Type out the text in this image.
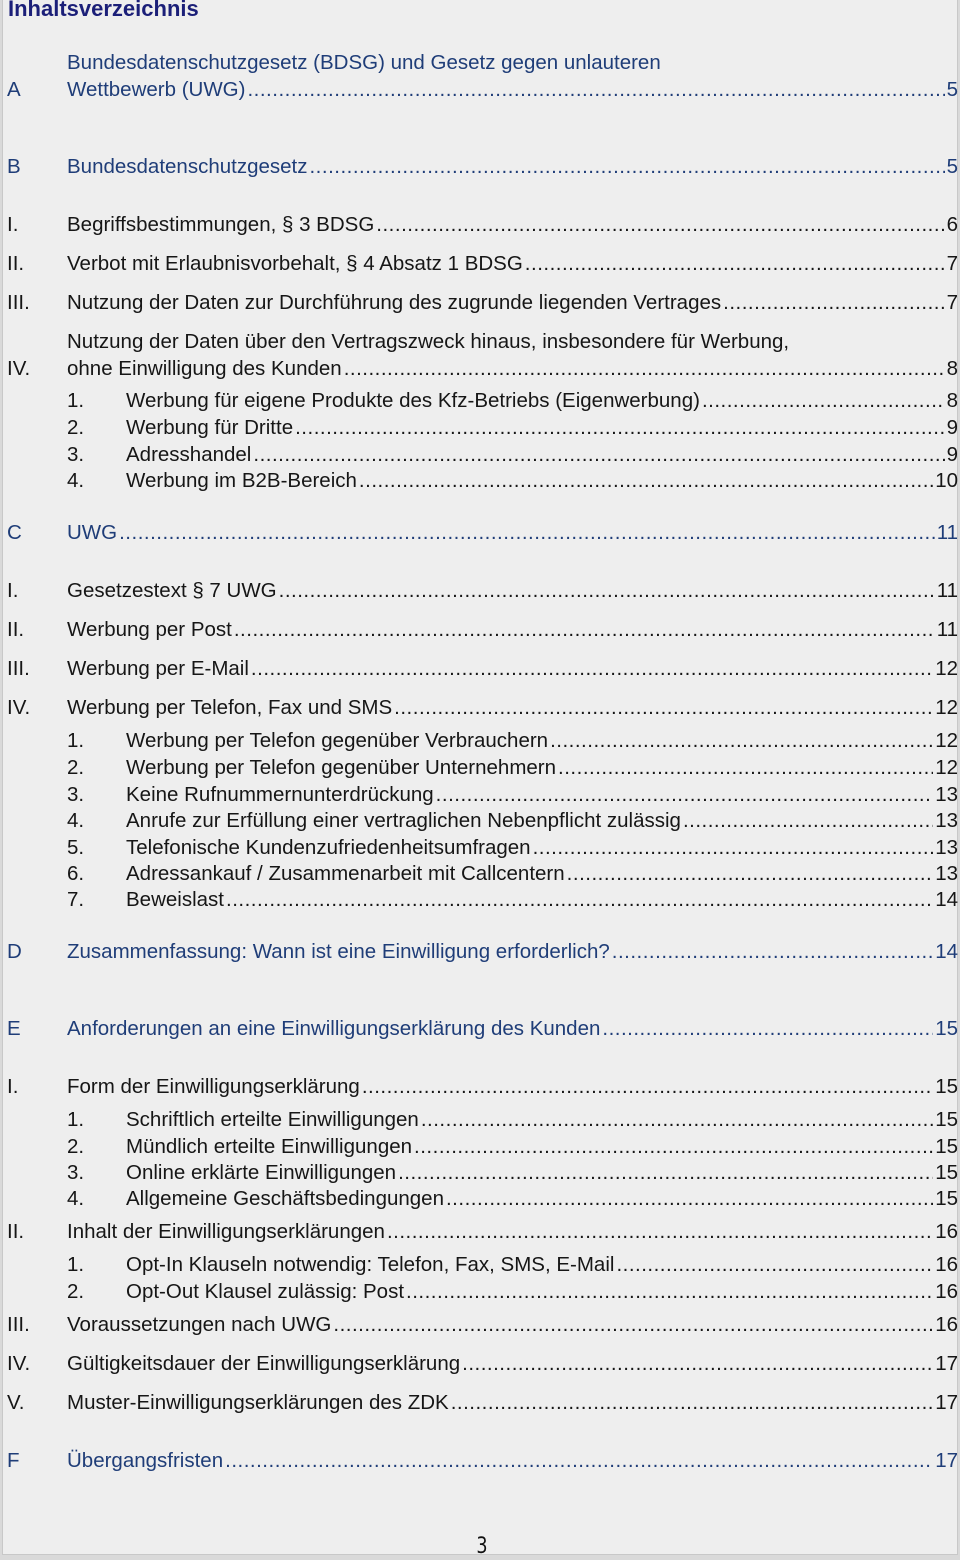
Inhaltsverzeichnis
A
Bundesdatenschutzgesetz (BDSG) und Gesetz gegen unlauteren
Wettbewerb (UWG) .....	5
B Bundesdatenschutzgesetz .....	5
I. Begriffsbestimmungen, § 3 BDSG .....	6
II. Verbot mit Erlaubnisvorbehalt, § 4 Absatz 1 BDSG .....	7
III. Nutzung der Daten zur Durchführung des zugrunde liegenden Vertrages .....	7
IV.
Nutzung der Daten über den Vertragszweck hinaus, insbesondere für Werbung,
ohne Einwilligung des Kunden .....	8
1. Werbung für eigene Produkte des Kfz-Betriebs (Eigenwerbung) .....	8
2. Werbung für Dritte .....	9
3. Adresshandel .....	9
4. Werbung im B2B-Bereich .....	10
C UWG .....	11
I. Gesetzestext § 7 UWG .....	11
II. Werbung per Post .....	11
III. Werbung per E-Mail .....	12
IV. Werbung per Telefon, Fax und SMS .....	12
1. Werbung per Telefon gegenüber Verbrauchern .....	12
2. Werbung per Telefon gegenüber Unternehmern .....	12
3. Keine Rufnummernunterdrückung .....	13
4. Anrufe zur Erfüllung einer vertraglichen Nebenpflicht zulässig .....	13
5. Telefonische Kundenzufriedenheitsumfragen .....	13
6. Adressankauf / Zusammenarbeit mit Callcentern .....	13
7. Beweislast .....	14
D Zusammenfassung: Wann ist eine Einwilligung erforderlich? .....	14
E Anforderungen an eine Einwilligungserklärung des Kunden .....	15
I. Form der Einwilligungserklärung .....	15
1. Schriftlich erteilte Einwilligungen .....	15
2. Mündlich erteilte Einwilligungen .....	15
3. Online erklärte Einwilligungen .....	15
4. Allgemeine Geschäftsbedingungen .....	15
II. Inhalt der Einwilligungserklärungen .....	16
1. Opt-In Klauseln notwendig: Telefon, Fax, SMS, E-Mail .....	16
2. Opt-Out Klausel zulässig: Post .....	16
III. Voraussetzungen nach UWG .....	16
IV. Gültigkeitsdauer der Einwilligungserklärung .....	17
V. Muster-Einwilligungserklärungen des ZDK .....	17
F Übergangsfristen .....	17
3
